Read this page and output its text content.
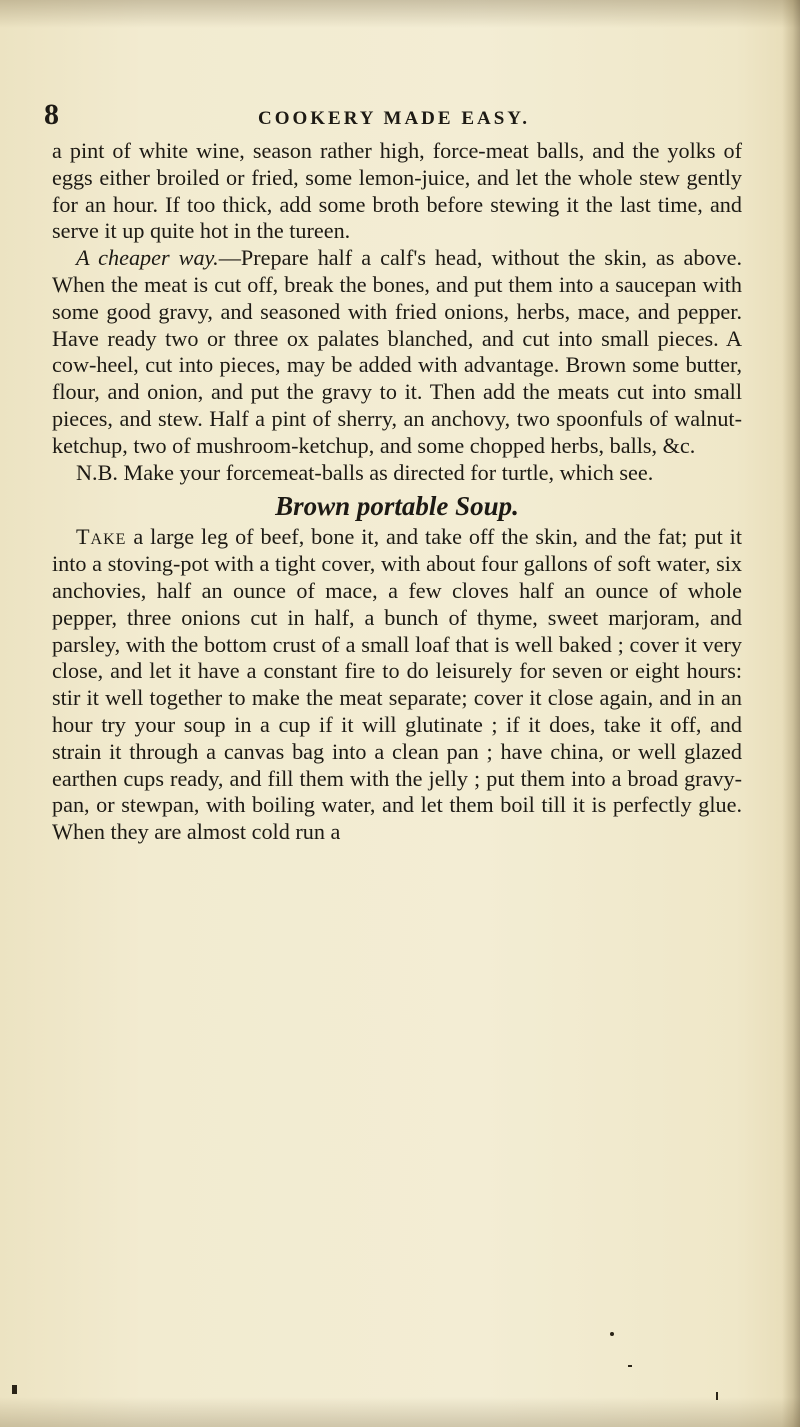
8	COOKERY MADE EASY.

a pint of white wine, season rather high, force-meat balls, and the yolks of eggs either broiled or fried, some lemon-juice, and let the whole stew gently for an hour. If too thick, add some broth before stewing it the last time, and serve it up quite hot in the tureen.

A cheaper way.—Prepare half a calf's head, without the skin, as above. When the meat is cut off, break the bones, and put them into a saucepan with some good gravy, and seasoned with fried onions, herbs, mace, and pepper. Have ready two or three ox palates blanched, and cut into small pieces. A cow-heel, cut into pieces, may be added with advantage. Brown some butter, flour, and onion, and put the gravy to it. Then add the meats cut into small pieces, and stew. Half a pint of sherry, an anchovy, two spoonfuls of walnut-ketchup, two of mushroom-ketchup, and some chopped herbs, balls, &c.

N.B. Make your forcemeat-balls as directed for turtle, which see.

Brown portable Soup.

Take a large leg of beef, bone it, and take off the skin, and the fat; put it into a stoving-pot with a tight cover, with about four gallons of soft water, six anchovies, half an ounce of mace, a few cloves half an ounce of whole pepper, three onions cut in half, a bunch of thyme, sweet marjoram, and parsley, with the bottom crust of a small loaf that is well baked ; cover it very close, and let it have a constant fire to do leisurely for seven or eight hours: stir it well together to make the meat separate; cover it close again, and in an hour try your soup in a cup if it will glutinate ; if it does, take it off, and strain it through a canvas bag into a clean pan ; have china, or well glazed earthen cups ready, and fill them with the jelly ; put them into a broad gravy-pan, or stewpan, with boiling water, and let them boil till it is perfectly glue. When they are almost cold run a
